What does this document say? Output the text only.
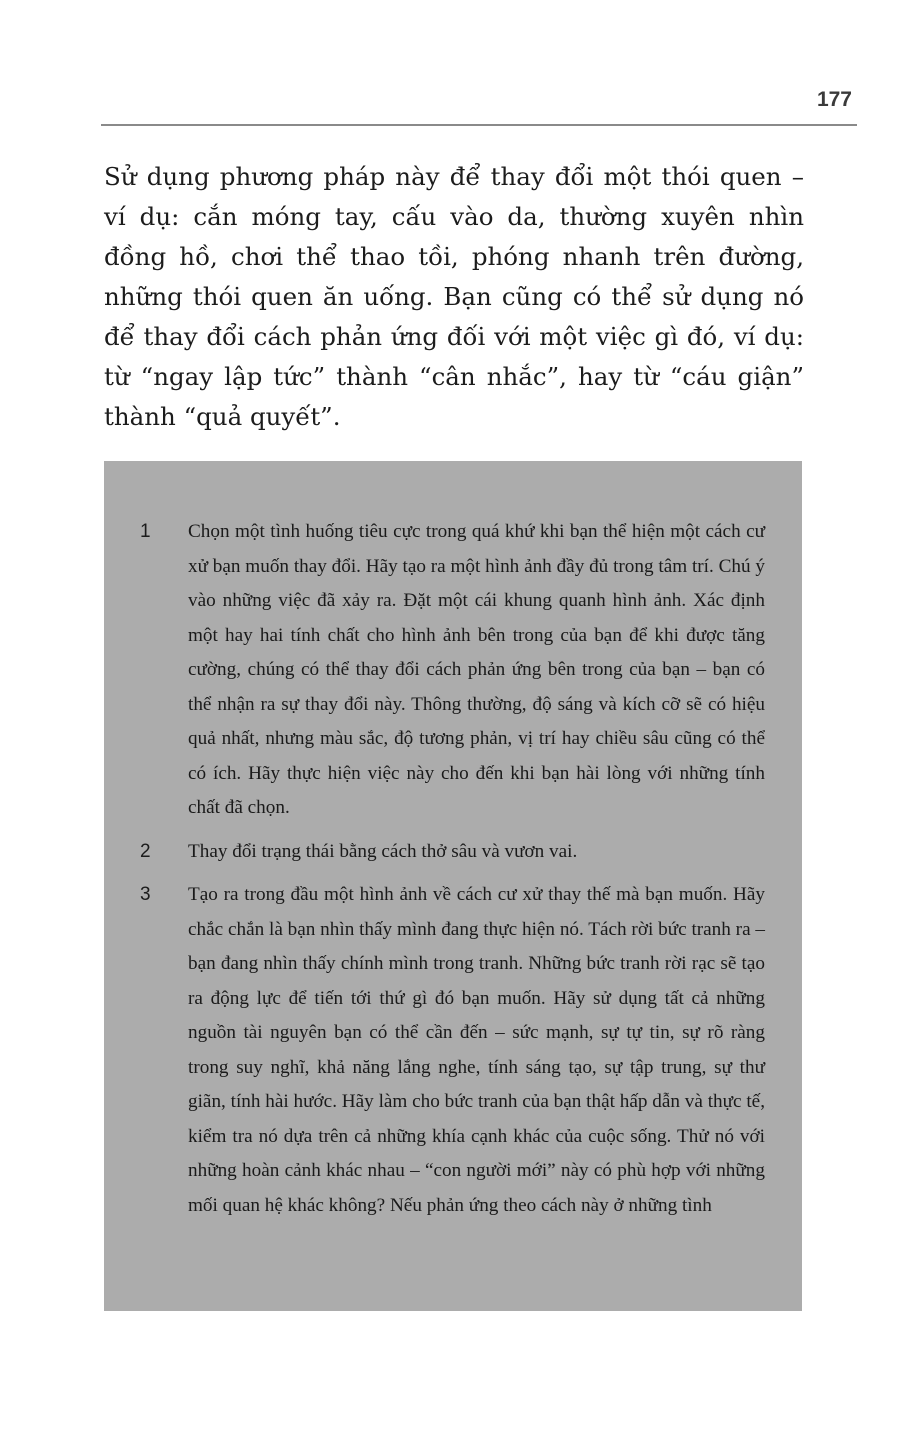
177

Sử dụng phương pháp này để thay đổi một thói quen – ví dụ: cắn móng tay, cấu vào da, thường xuyên nhìn đồng hồ, chơi thể thao tồi, phóng nhanh trên đường, những thói quen ăn uống. Bạn cũng có thể sử dụng nó để thay đổi cách phản ứng đối với một việc gì đó, ví dụ: từ “ngay lập tức” thành “cân nhắc”, hay từ “cáu giận” thành “quả quyết”.

1	Chọn một tình huống tiêu cực trong quá khứ khi bạn thể hiện một cách cư xử bạn muốn thay đổi. Hãy tạo ra một hình ảnh đầy đủ trong tâm trí. Chú ý vào những việc đã xảy ra. Đặt một cái khung quanh hình ảnh. Xác định một hay hai tính chất cho hình ảnh bên trong của bạn để khi được tăng cường, chúng có thể thay đổi cách phản ứng bên trong của bạn – bạn có thể nhận ra sự thay đổi này. Thông thường, độ sáng và kích cỡ sẽ có hiệu quả nhất, nhưng màu sắc, độ tương phản, vị trí hay chiều sâu cũng có thể có ích. Hãy thực hiện việc này cho đến khi bạn hài lòng với những tính chất đã chọn.
2	Thay đổi trạng thái bằng cách thở sâu và vươn vai.
3	Tạo ra trong đầu một hình ảnh về cách cư xử thay thế mà bạn muốn. Hãy chắc chắn là bạn nhìn thấy mình đang thực hiện nó. Tách rời bức tranh ra – bạn đang nhìn thấy chính mình trong tranh. Những bức tranh rời rạc sẽ tạo ra động lực để tiến tới thứ gì đó bạn muốn. Hãy sử dụng tất cả những nguồn tài nguyên bạn có thể cần đến – sức mạnh, sự tự tin, sự rõ ràng trong suy nghĩ, khả năng lắng nghe, tính sáng tạo, sự tập trung, sự thư giãn, tính hài hước. Hãy làm cho bức tranh của bạn thật hấp dẫn và thực tế, kiểm tra nó dựa trên cả những khía cạnh khác của cuộc sống. Thử nó với những hoàn cảnh khác nhau – “con người mới” này có phù hợp với những mối quan hệ khác không? Nếu phản ứng theo cách này ở những tình
